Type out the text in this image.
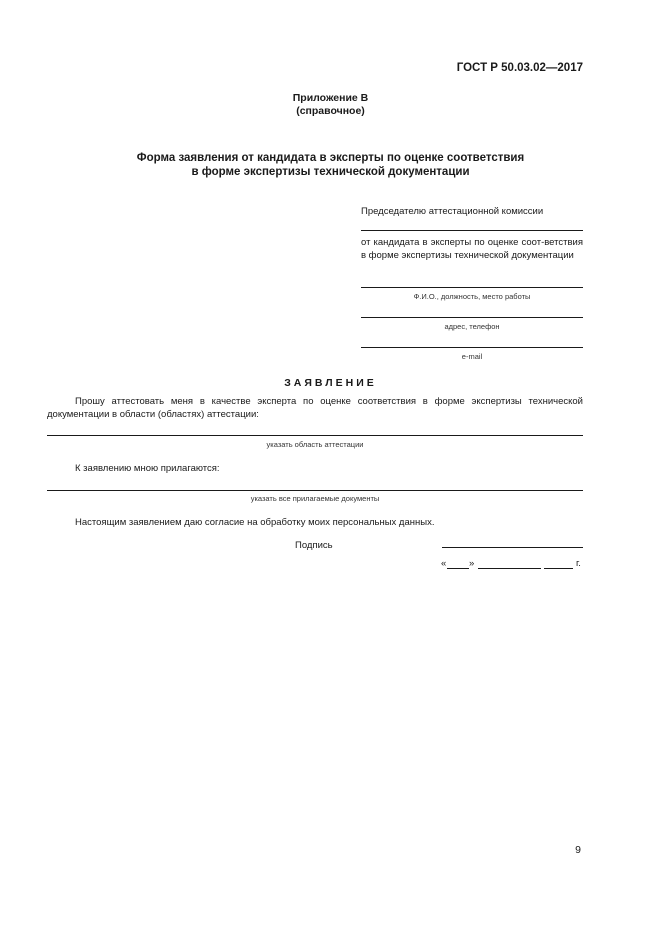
ГОСТ Р 50.03.02—2017
Приложение В
(справочное)
Форма заявления от кандидата в эксперты по оценке соответствия
в форме экспертизы технической документации
Председателю аттестационной комиссии
от кандидата в эксперты по оценке соот-ветствия в форме экспертизы технической документации
Ф.И.О., должность, место работы
адрес, телефон
e-mail
ЗАЯВЛЕНИЕ
Прошу аттестовать меня в качестве эксперта по оценке соответствия в форме экспертизы технической документации в области (областях) аттестации:
указать область аттестации
К заявлению мною прилагаются:
указать все прилагаемые документы
Настоящим заявлением даю согласие на обработку моих персональных данных.
Подпись
« »	г.
9
